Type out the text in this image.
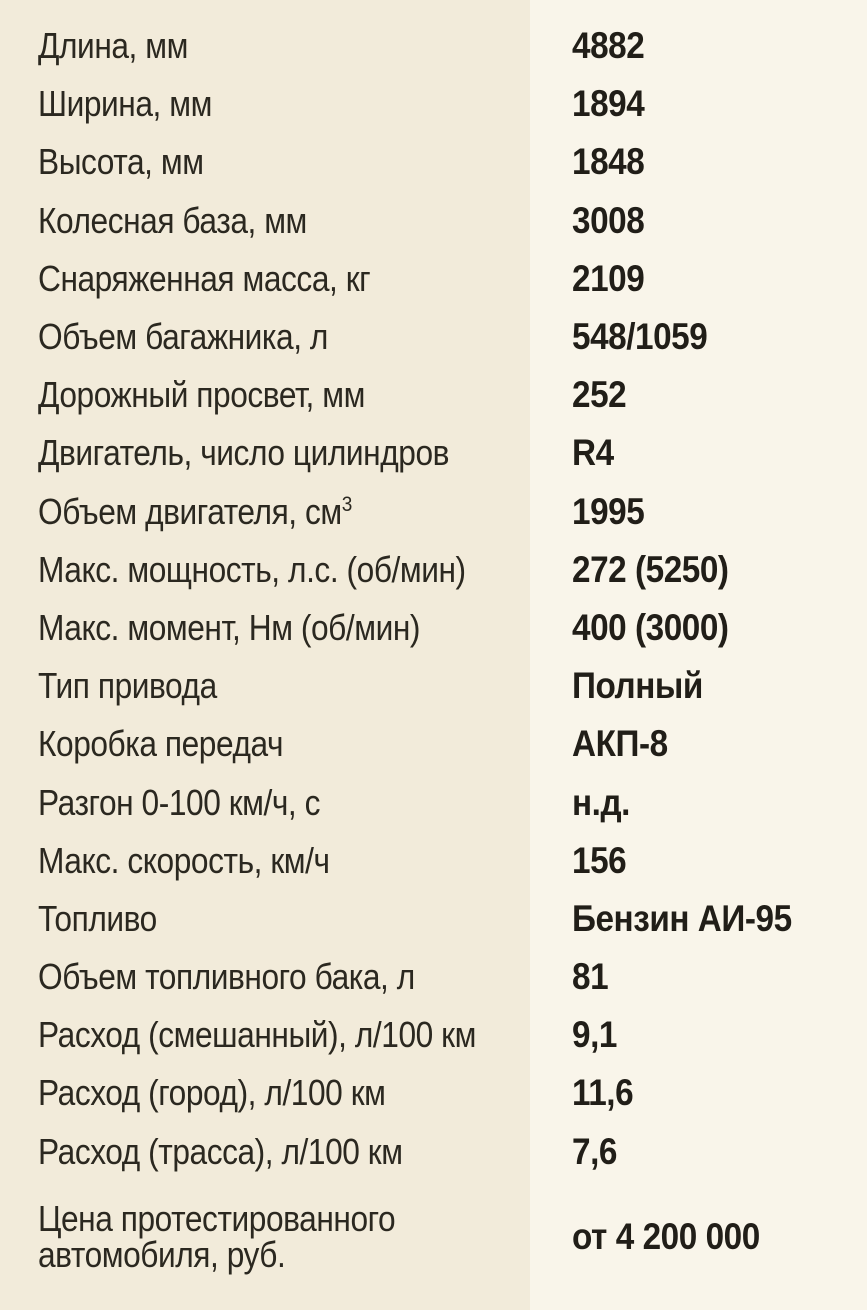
Длина, мм	4882
Ширина, мм	1894
Высота, мм	1848
Колесная база, мм	3008
Снаряженная масса, кг	2109
Объем багажника, л	548/1059
Дорожный просвет, мм	252
Двигатель, число цилиндров	R4
Объем двигателя, $см^3$	1995
Макс. мощность, л.с. (об/мин)	272 (5250)
Макс. момент, Нм (об/мин)	400 (3000)
Тип привода	Полный
Коробка передач	АКП-8
Разгон 0-100 км/ч, с	н.д.
Макс. скорость, км/ч	156
Топливо	Бензин АИ-95
Объем топливного бака, л	81
Расход (смешанный), л/100 км	9,1
Расход (город), л/100 км	11,6
Расход (трасса), л/100 км	7,6
Цена протестированного автомобиля, руб.	от 4 200 000
